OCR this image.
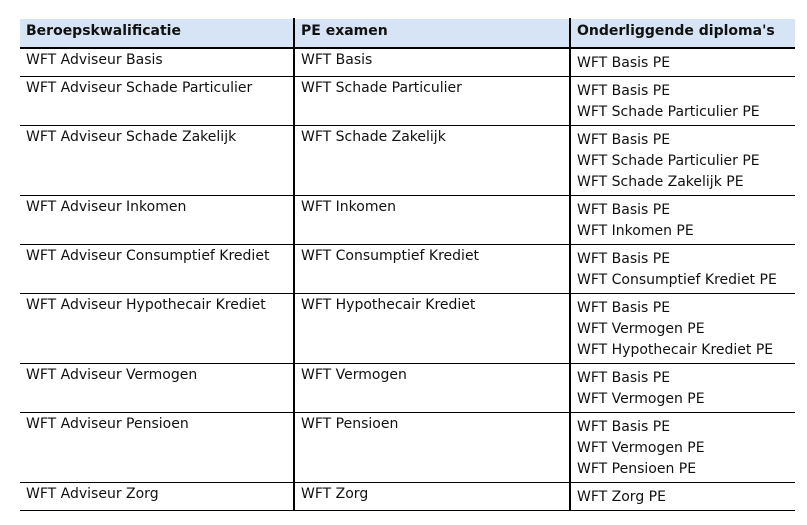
Beroepskwalificatie	PE examen	Onderliggende diploma's
WFT Adviseur Basis	WFT Basis	WFT Basis PE

WFT Adviseur Schade Particulier	WFT Schade Particulier	WFT Basis PE
WFT Schade Particulier PE

WFT Adviseur Schade Zakelijk	WFT Schade Zakelijk	WFT Basis PE
WFT Schade Particulier PE
WFT Schade Zakelijk PE

WFT Adviseur Inkomen	WFT Inkomen	WFT Basis PE
WFT Inkomen PE

WFT Adviseur Consumptief Krediet	WFT Consumptief Krediet	WFT Basis PE
WFT Consumptief Krediet PE

WFT Adviseur Hypothecair Krediet	WFT Hypothecair Krediet	WFT Basis PE
WFT Vermogen PE
WFT Hypothecair Krediet PE

WFT Adviseur Vermogen	WFT Vermogen	WFT Basis PE
WFT Vermogen PE

WFT Adviseur Pensioen	WFT Pensioen	WFT Basis PE
WFT Vermogen PE
WFT Pensioen PE

WFT Adviseur Zorg	WFT Zorg	WFT Zorg PE
